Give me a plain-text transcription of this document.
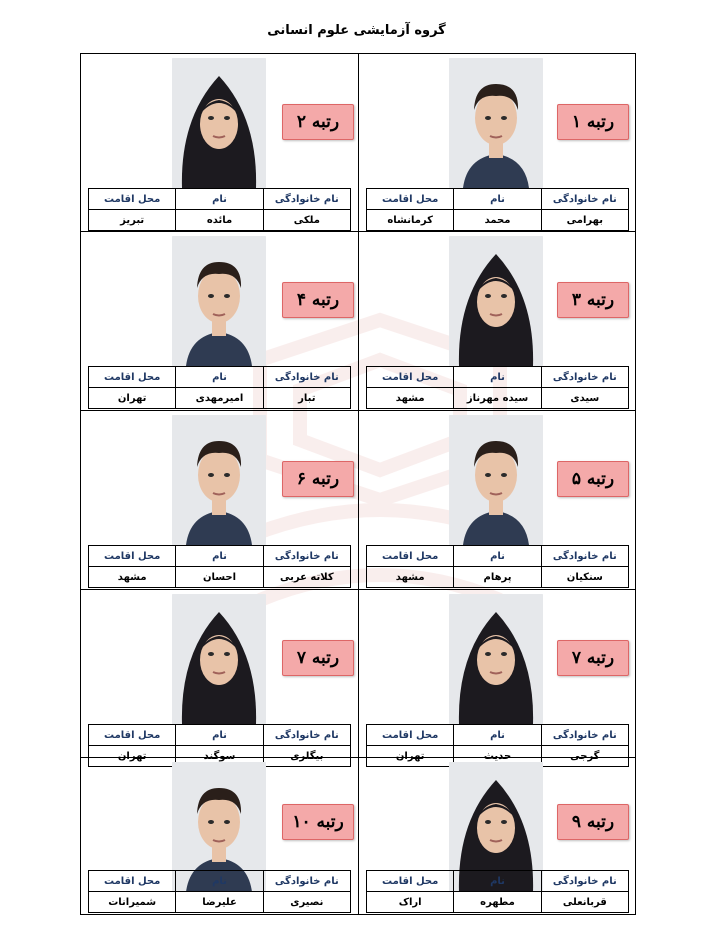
گروه آزمایشی علوم انسانی
رتبه ۱
نام خانوادگی	نام	محل اقامت
بهرامی	محمد	کرمانشاه
رتبه ۲
نام خانوادگی	نام	محل اقامت
ملکی	مائده	تبریز
رتبه ۳
نام خانوادگی	نام	محل اقامت
سیدی	سیده مهرناز	مشهد
رتبه ۴
نام خانوادگی	نام	محل اقامت
تبار	امیرمهدی	تهران
رتبه ۵
نام خانوادگی	نام	محل اقامت
سنکیان	پرهام	مشهد
رتبه ۶
نام خانوادگی	نام	محل اقامت
کلاته عربی	احسان	مشهد
رتبه ۷
نام خانوادگی	نام	محل اقامت
گرجی	حدیث	تهران
رتبه ۷
نام خانوادگی	نام	محل اقامت
بیگلری	سوگند	تهران
رتبه ۹
نام خانوادگی	نام	محل اقامت
قربانعلی	مطهره	اراک
رتبه ۱۰
نام خانوادگی	نام	محل اقامت
نصیری	علیرضا	شمیرانات
